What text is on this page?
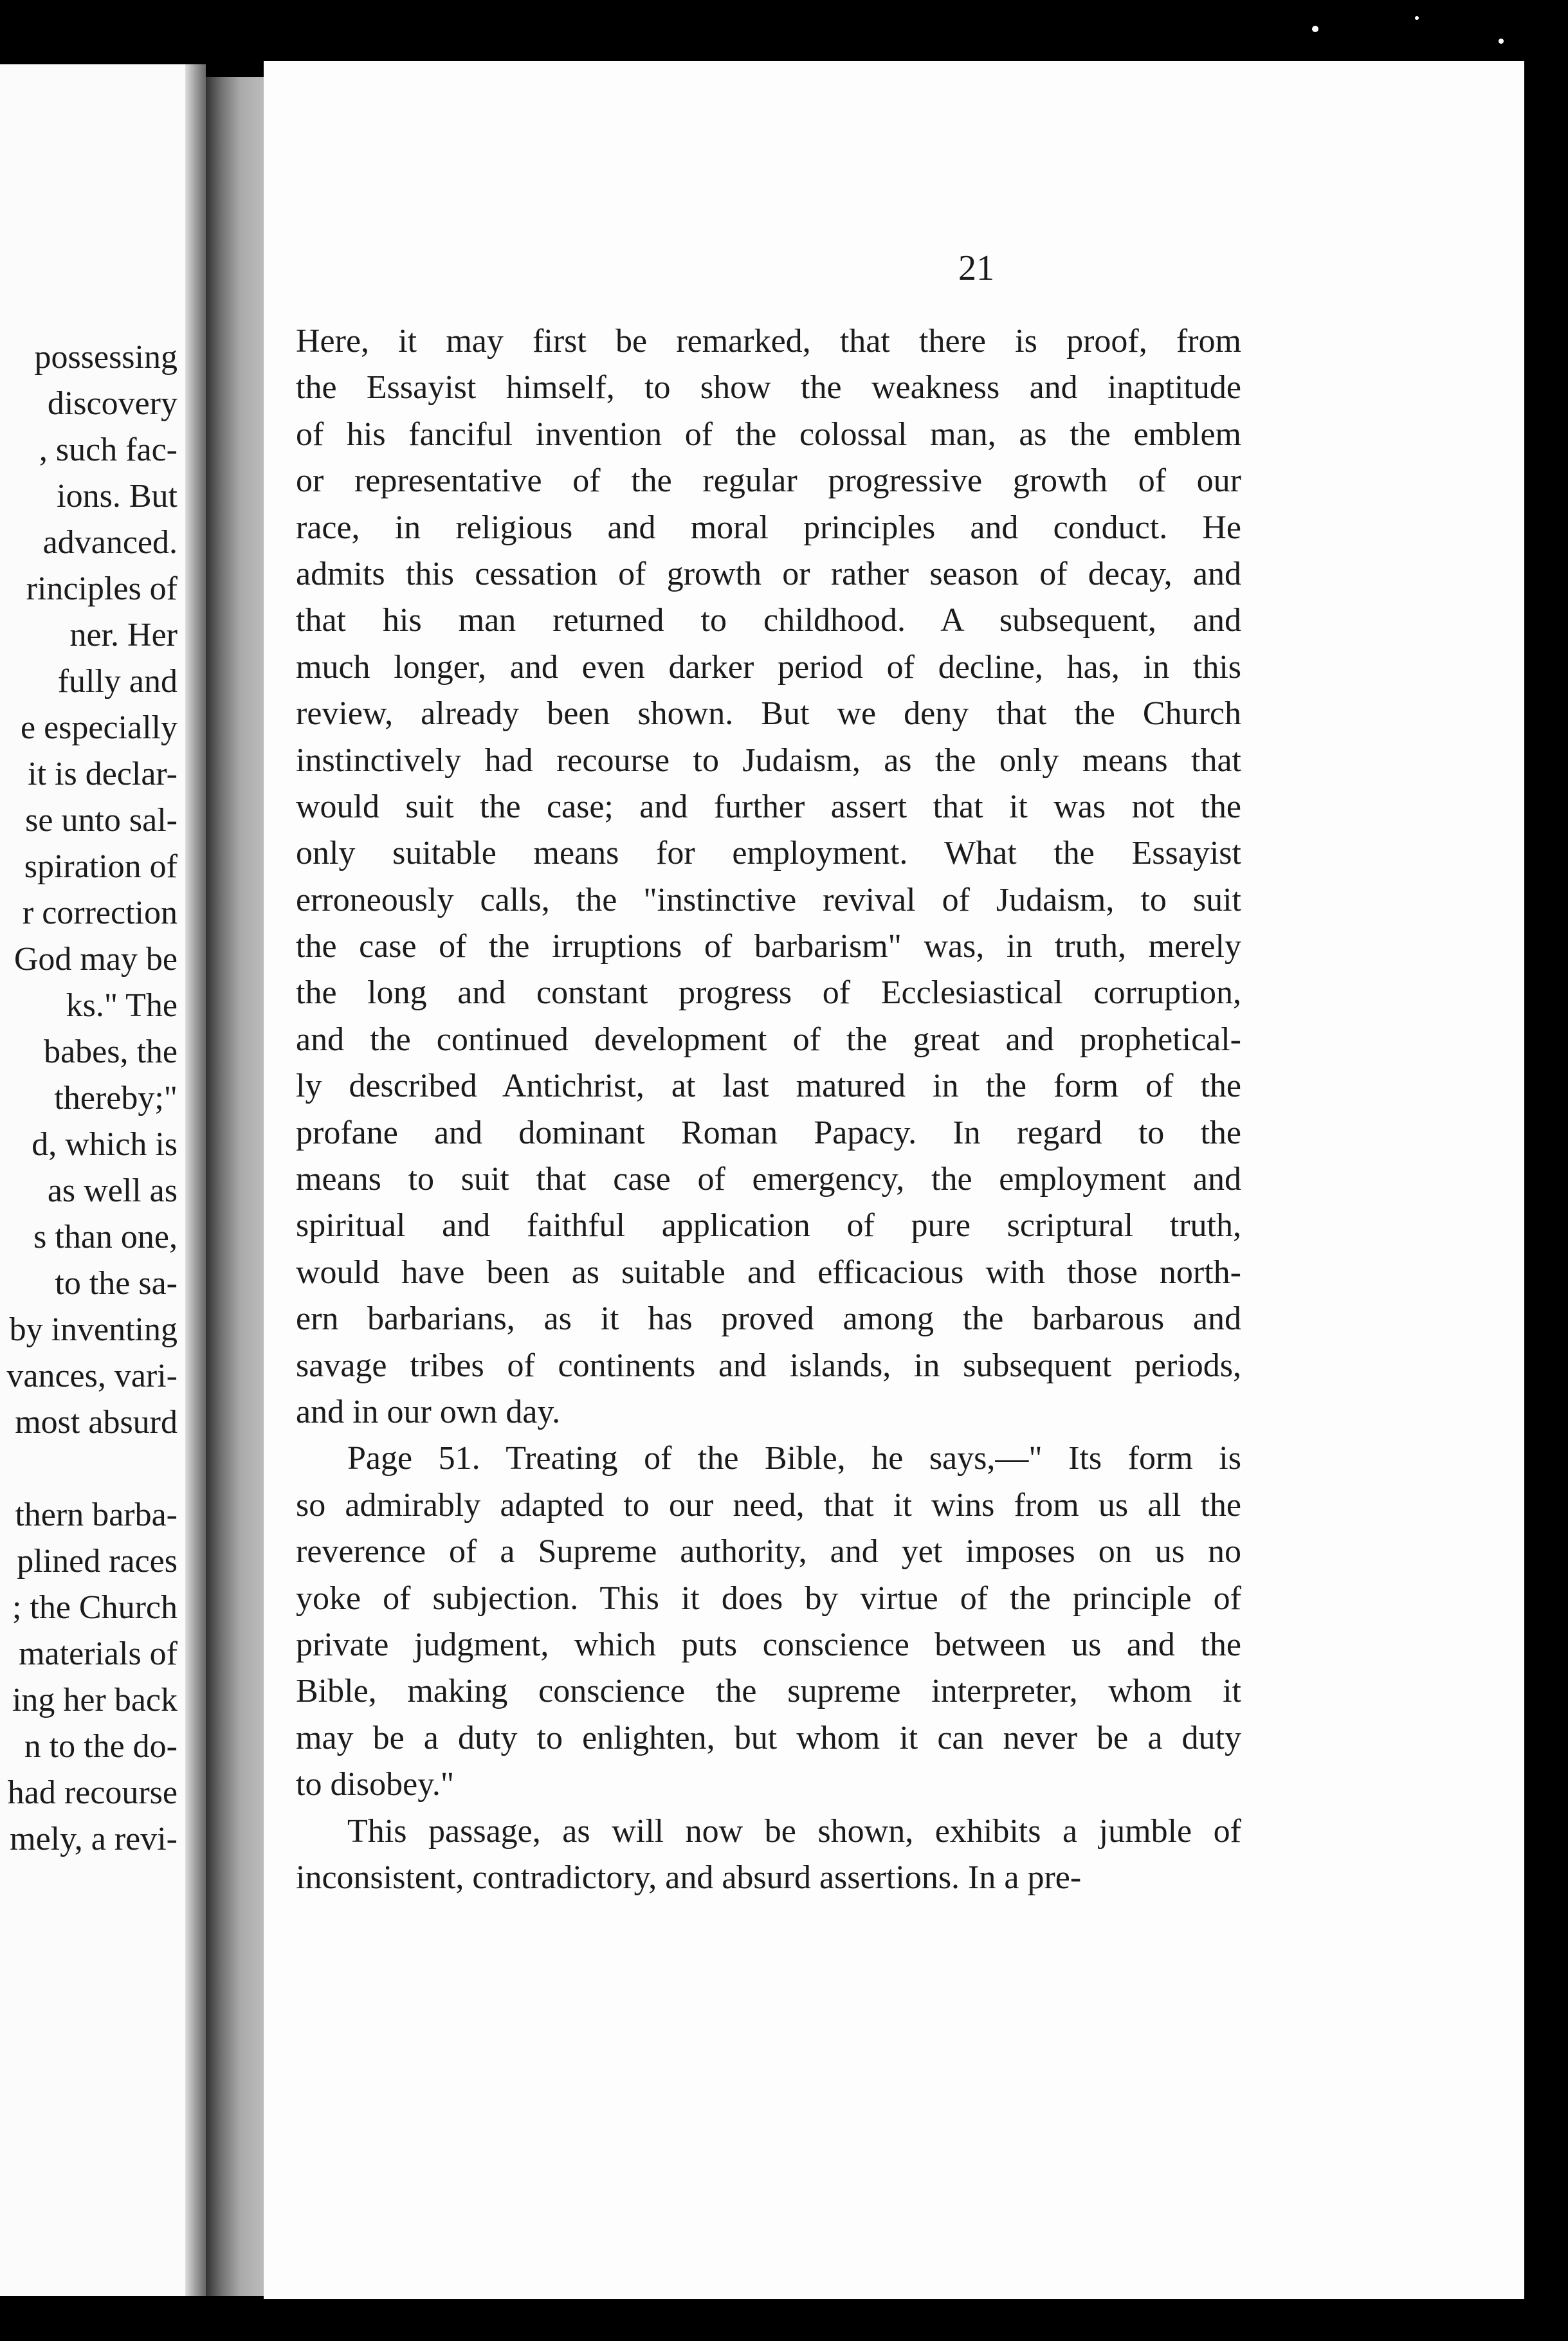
possessing
discovery
, such fac-
ions. But
advanced.
rinciples of
ner. Her
fully and
e especially
it is declar-
se unto sal-
spiration of
r correction
God may be
ks." The
babes, the
thereby;"
d, which is
as well as
s than one,
to the sa-
by inventing
vances, vari-
most absurd
thern barba-
plined races
; the Church
materials of
ing her back
n to the do-
had recourse
mely, a revi-

21

Here, it may first be remarked, that there is proof, from
the Essayist himself, to show the weakness and inaptitude
of his fanciful invention of the colossal man, as the emblem
or representative of the regular progressive growth of our
race, in religious and moral principles and conduct. He
admits this cessation of growth or rather season of decay, and
that his man returned to childhood. A subsequent, and
much longer, and even darker period of decline, has, in this
review, already been shown. But we deny that the Church
instinctively had recourse to Judaism, as the only means that
would suit the case; and further assert that it was not the
only suitable means for employment. What the Essayist
erroneously calls, the "instinctive revival of Judaism, to suit
the case of the irruptions of barbarism" was, in truth, merely
the long and constant progress of Ecclesiastical corruption,
and the continued development of the great and prophetical-
ly described Antichrist, at last matured in the form of the
profane and dominant Roman Papacy. In regard to the
means to suit that case of emergency, the employment and
spiritual and faithful application of pure scriptural truth,
would have been as suitable and efficacious with those north-
ern barbarians, as it has proved among the barbarous and
savage tribes of continents and islands, in subsequent periods,
and in our own day.
Page 51. Treating of the Bible, he says,—" Its form is
so admirably adapted to our need, that it wins from us all the
reverence of a Supreme authority, and yet imposes on us no
yoke of subjection. This it does by virtue of the principle of
private judgment, which puts conscience between us and the
Bible, making conscience the supreme interpreter, whom it
may be a duty to enlighten, but whom it can never be a duty
to disobey."
This passage, as will now be shown, exhibits a jumble of
inconsistent, contradictory, and absurd assertions. In a pre-
